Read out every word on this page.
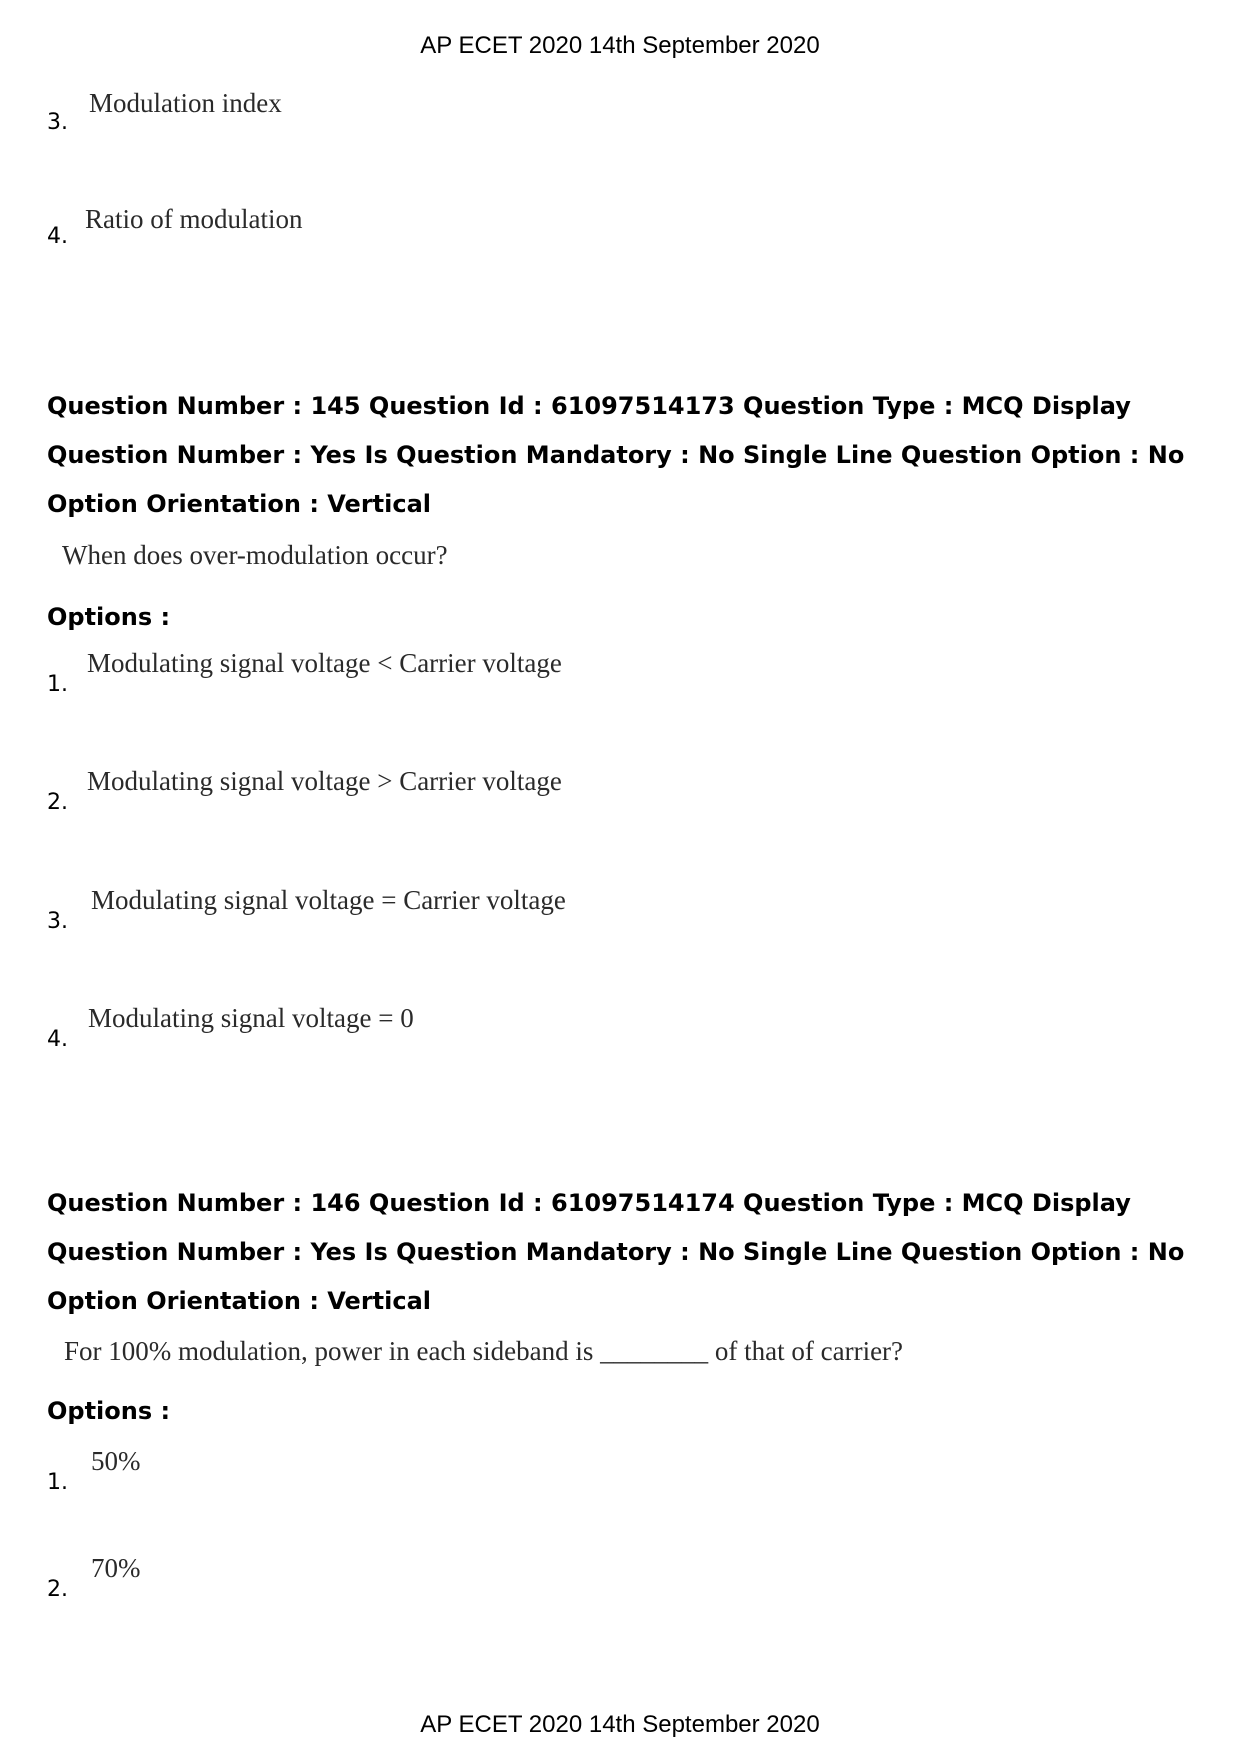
AP ECET 2020 14th September 2020
3.
Modulation index
4.
Ratio of modulation
Question Number : 145 Question Id : 61097514173 Question Type : MCQ Display Question Number : Yes Is Question Mandatory : No Single Line Question Option : No Option Orientation : Vertical
When does over-modulation occur?
Options :
1.
Modulating signal voltage < Carrier voltage
2.
Modulating signal voltage > Carrier voltage
3.
Modulating signal voltage = Carrier voltage
4.
Modulating signal voltage = 0
Question Number : 146 Question Id : 61097514174 Question Type : MCQ Display Question Number : Yes Is Question Mandatory : No Single Line Question Option : No Option Orientation : Vertical
For 100% modulation, power in each sideband is ________ of that of carrier?
Options :
1.
50%
2.
70%
AP ECET 2020 14th September 2020
